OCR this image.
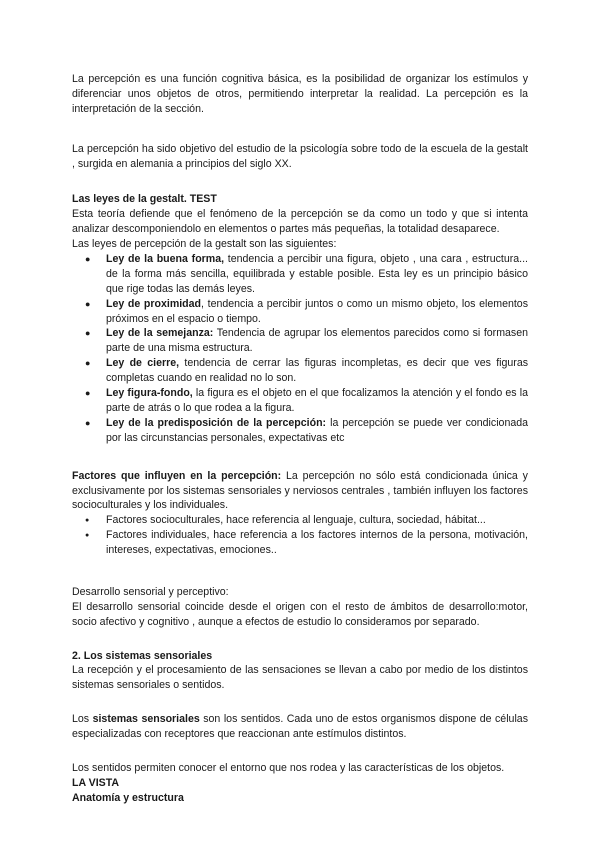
La percepción es una función cognitiva básica, es la posibilidad de organizar los estímulos y diferenciar unos objetos de otros, permitiendo interpretar la realidad. La percepción es la interpretación de la sección.

La percepción ha sido objetivo del estudio de la psicología sobre todo de la escuela de la gestalt , surgida en alemania a principios del siglo XX.

Las leyes de la gestalt. TEST

Esta teoría defiende que el fenómeno de la percepción se da como un todo y que si intenta analizar descomponiendolo en elementos o partes más pequeñas, la totalidad desaparece.

Las leyes de percepción de la gestalt son las siguientes:

● Ley de la buena forma, tendencia a percibir una figura, objeto , una cara , estructura... de la forma más sencilla, equilibrada y estable posible. Esta ley es un principio básico que rige todas las demás leyes.
● Ley de proximidad, tendencia a percibir juntos o como un mismo objeto, los elementos próximos en el espacio o tiempo.
● Ley de la semejanza: Tendencia de agrupar los elementos parecidos como si formasen parte de una misma estructura.
● Ley de cierre, tendencia de cerrar las figuras incompletas, es decir que ves figuras completas cuando en realidad no lo son.
● Ley figura-fondo, la figura es el objeto en el que focalizamos la atención y el fondo es la parte de atrás o lo que rodea a la figura.
● Ley de la predisposición de la percepción: la percepción se puede ver condicionada por las circunstancias personales, expectativas etc

Factores que influyen en la percepción: La percepción no sólo está condicionada única y exclusivamente por los sistemas sensoriales y nerviosos centrales , también influyen los factores socioculturales y los individuales.

● Factores socioculturales, hace referencia al lenguaje, cultura, sociedad, hábitat...
● Factores individuales, hace referencia a los factores internos de la persona, motivación, intereses, expectativas, emociones..

Desarrollo sensorial y perceptivo:

El desarrollo sensorial coincide desde el origen con el resto de ámbitos de desarrollo:motor, socio afectivo y cognitivo , aunque a efectos de estudio lo consideramos por separado.

2. Los sistemas sensoriales

La recepción y el procesamiento de las sensaciones se llevan a cabo por medio de los distintos sistemas sensoriales o sentidos.

Los sistemas sensoriales son los sentidos. Cada uno de estos organismos dispone de células especializadas con receptores que reaccionan ante estímulos distintos.

Los sentidos permiten conocer el entorno que nos rodea y las características de los objetos.

LA VISTA

Anatomía y estructura
